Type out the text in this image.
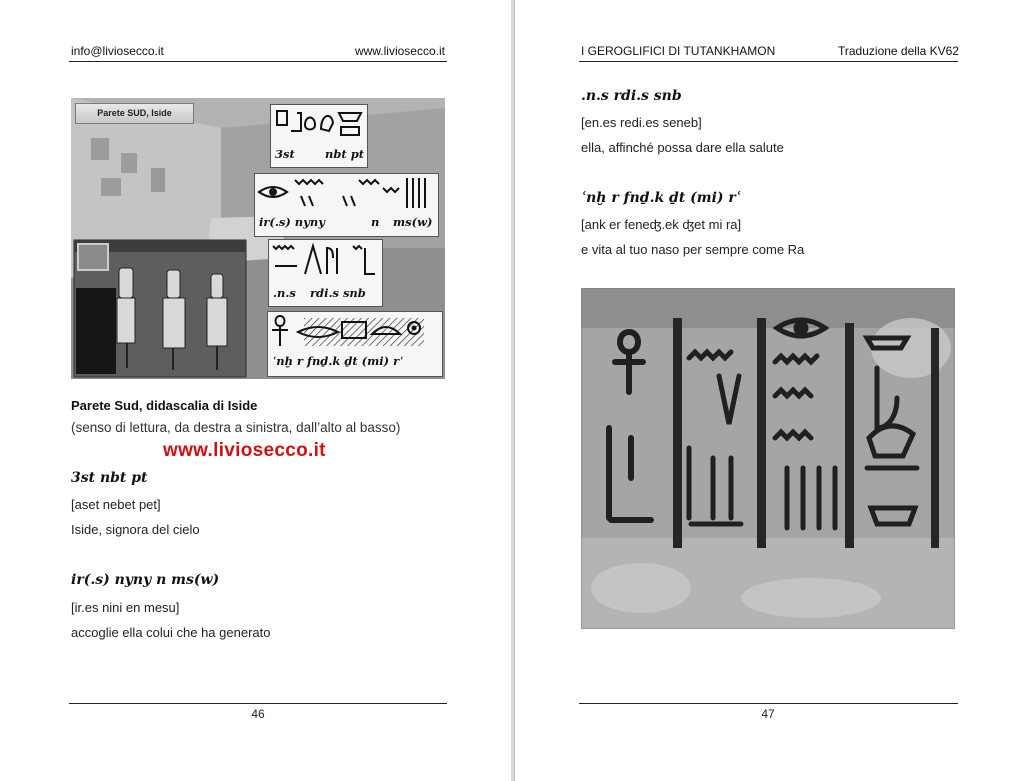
info@liviosecco.it	www.liviosecco.it
Parete SUD, Iside
3st	nbt pt
ir(.s) nyny	n ms(w)
.n.s rdi.s snb
ʿnḫ r fnḏ.k ḏt (mi) rʿ
Parete Sud, didascalia di Iside
(senso di lettura, da destra a sinistra, dall’alto al basso)
www.liviosecco.it
3st nbt pt
[aset nebet pet]
Iside, signora del cielo
ir(.s) nyny n ms(w)
[ir.es nini en mesu]
accoglie ella colui che ha generato
46
I GEROGLIFICI DI TUTANKHAMON	Traduzione della KV62
.n.s rdi.s snb
[en.es redi.es seneb]
ella, affinché possa dare ella salute
ʿnḫ r fnḏ.k ḏt (mi) rʿ
[ank er feneʤ.ek ʤet mi ra]
e vita al tuo naso per sempre come Ra
47
